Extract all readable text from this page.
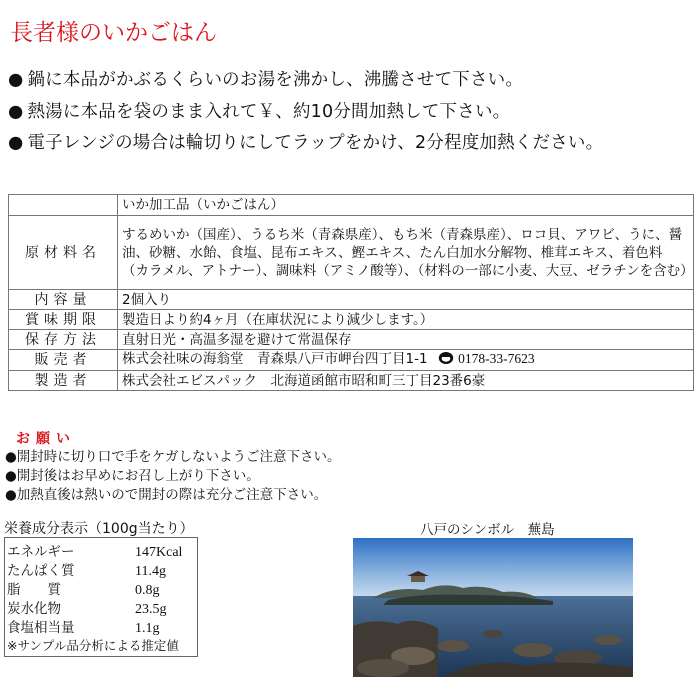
長者様のいかごはん
● 鍋に本品がかぶるくらいのお湯を沸かし、沸騰させて下さい。
● 熱湯に本品を袋のまま入れて￥、約10分間加熱して下さい。
● 電子レンジの場合は輪切りにしてラップをかけ、2分程度加熱ください。
	いか加工品（いかごはん）
原材料名	するめいか（国産）、うるち米（青森県産）、もち米（青森県産）、ロコ貝、アワビ、うに、醤油、砂糖、水飴、食塩、昆布エキス、鰹エキス、たん白加水分解物、椎茸エキス、着色料（カラメル、アトナー）、調味料（アミノ酸等）、（材料の一部に小麦、大豆、ゼラチンを含む）
内容量	2個入り
賞味期限	製造日より約4ヶ月（在庫状況により減少します。）
保存方法	直射日光・高温多湿を避けて常温保存
販売者	株式会社味の海翁堂　青森県八戸市岬台四丁目1-1 0178-33-7623
製造者	株式会社エビスパック　北海道函館市昭和町三丁目23番6豪
お願い
●開封時に切り口で手をケガしないようご注意下さい。
●開封後はお早めにお召し上がり下さい。
●加熱直後は熱いので開封の際は充分ご注意下さい。
栄養成分表示（100g当たり）
エネルギー	147Kcal
たんぱく質	11.4g
脂　　質	0.8g
炭水化物	23.5g
食塩相当量	1.1g
※サンプル品分析による推定値
八戸のシンボル　蕪島
